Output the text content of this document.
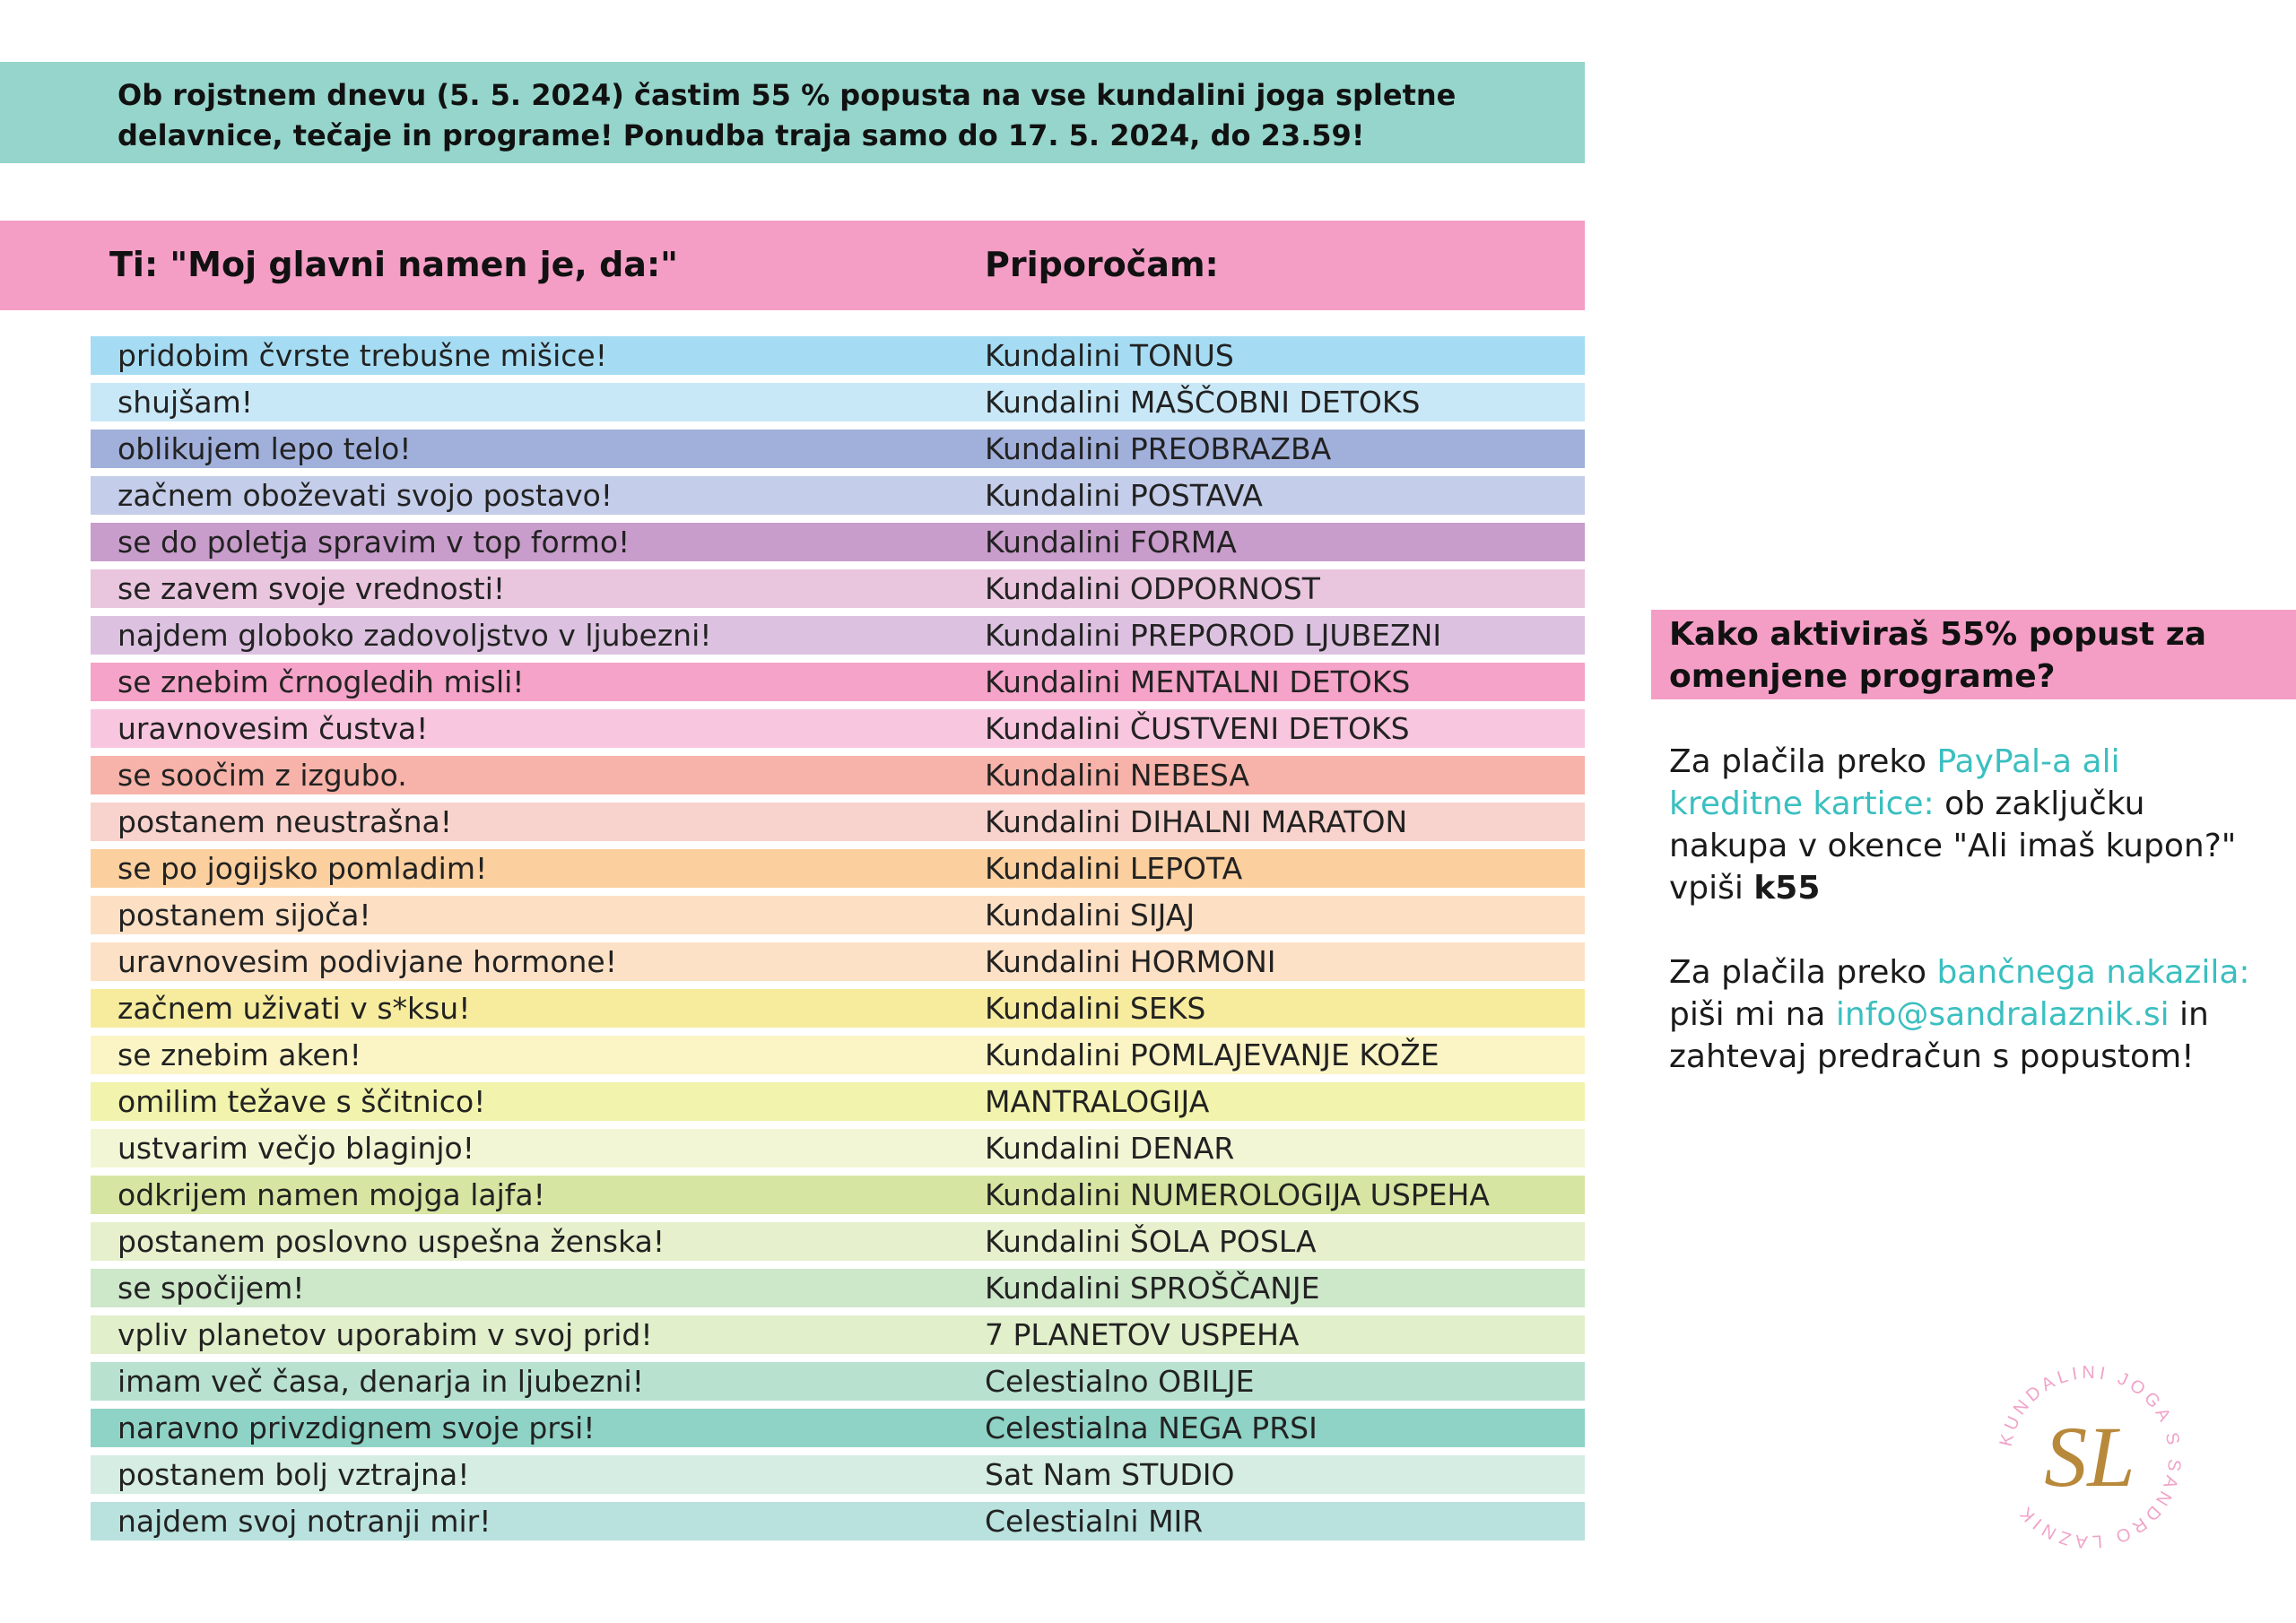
Ob rojstnem dnevu (5. 5. 2024) častim 55 % popusta na vse kundalini joga spletne
delavnice, tečaje in programe! Ponudba traja samo do 17. 5. 2024, do 23.59!
Ti: "Moj glavni namen je, da:"	Priporočam:
pridobim čvrste trebušne mišice!	Kundalini TONUS
shujšam!	Kundalini MAŠČOBNI DETOKS
oblikujem lepo telo!	Kundalini PREOBRAZBA
začnem oboževati svojo postavo!	Kundalini POSTAVA
se do poletja spravim v top formo!	Kundalini FORMA
se zavem svoje vrednosti!	Kundalini ODPORNOST
najdem globoko zadovoljstvo v ljubezni!	Kundalini PREPOROD LJUBEZNI
se znebim črnogledih misli!	Kundalini MENTALNI DETOKS
uravnovesim čustva!	Kundalini ČUSTVENI DETOKS
se soočim z izgubo.	Kundalini NEBESA
postanem neustrašna!	Kundalini DIHALNI MARATON
se po jogijsko pomladim!	Kundalini LEPOTA
postanem sijoča!	Kundalini SIJAJ
uravnovesim podivjane hormone!	Kundalini HORMONI
začnem uživati v s*ksu!	Kundalini SEKS
se znebim aken!	Kundalini POMLAJEVANJE KOŽE
omilim težave s ščitnico!	MANTRALOGIJA
ustvarim večjo blaginjo!	Kundalini DENAR
odkrijem namen mojga lajfa!	Kundalini NUMEROLOGIJA USPEHA
postanem poslovno uspešna ženska!	Kundalini ŠOLA POSLA
se spočijem!	Kundalini SPROŠČANJE
vpliv planetov uporabim v svoj prid!	7 PLANETOV USPEHA
imam več časa, denarja in ljubezni!	Celestialno OBILJE
naravno privzdignem svoje prsi!	Celestialna NEGA PRSI
postanem bolj vztrajna!	Sat Nam STUDIO
najdem svoj notranji mir!	Celestialni MIR
Kako aktiviraš 55% popust za
omenjene programe?
Za plačila preko PayPal-a ali
kreditne kartice: ob zaključku
nakupa v okence "Ali imaš kupon?"
vpiši k55
Za plačila preko bančnega nakazila:
piši mi na info@sandralaznik.si in
zahtevaj predračun s popustom!
KUNDALINI JOGA S SANDRO LAZNIK
SL
